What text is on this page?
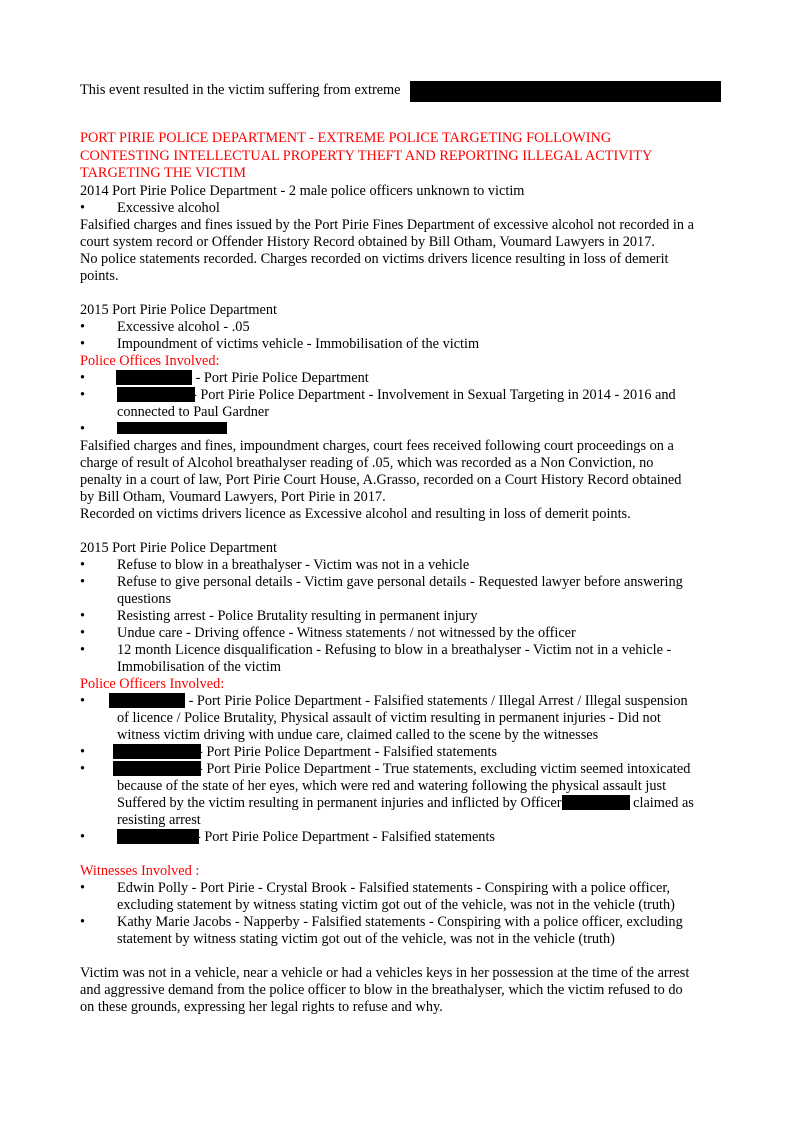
This event resulted in the victim suffering from extreme
PORT PIRIE POLICE DEPARTMENT - EXTREME POLICE TARGETING FOLLOWING
CONTESTING INTELLECTUAL PROPERTY THEFT AND REPORTING ILLEGAL ACTIVITY
TARGETING THE VICTIM
2014 Port Pirie Police Department - 2 male police officers unknown to victim
• Excessive alcohol
Falsified charges and fines issued by the Port Pirie Fines Department of excessive alcohol not recorded in a
court system record or Offender History Record obtained by Bill Otham, Voumard Lawyers in 2017.
No police statements recorded. Charges recorded on victims drivers licence resulting in loss of demerit
points.
2015 Port Pirie Police Department
• Excessive alcohol - .05
• Impoundment of victims vehicle - Immobilisation of the victim
Police Offices Involved:
• - Port Pirie Police Department
• - Port Pirie Police Department - Involvement in Sexual Targeting in 2014 - 2016 and
connected to Paul Gardner
•
Falsified charges and fines, impoundment charges, court fees received following court proceedings on a
charge of result of Alcohol breathalyser reading of .05, which was recorded as a Non Conviction, no
penalty in a court of law, Port Pirie Court House, A.Grasso, recorded on a Court History Record obtained
by Bill Otham, Voumard Lawyers, Port Pirie in 2017.
Recorded on victims drivers licence as Excessive alcohol and resulting in loss of demerit points.
2015 Port Pirie Police Department
• Refuse to blow in a breathalyser - Victim was not in a vehicle
• Refuse to give personal details - Victim gave personal details - Requested lawyer before answering
questions
• Resisting arrest - Police Brutality resulting in permanent injury
• Undue care - Driving offence - Witness statements / not witnessed by the officer
• 12 month Licence disqualification - Refusing to blow in a breathalyser - Victim not in a vehicle -
Immobilisation of the victim
Police Officers Involved:
• - Port Pirie Police Department - Falsified statements / Illegal Arrest / Illegal suspension
of licence / Police Brutality, Physical assault of victim resulting in permanent injuries - Did not
witness victim driving with undue care, claimed called to the scene by the witnesses
• - Port Pirie Police Department - Falsified statements
• - Port Pirie Police Department - True statements, excluding victim seemed intoxicated
because of the state of her eyes, which were red and watering following the physical assault just
Suffered by the victim resulting in permanent injuries and inflicted by Officer	claimed as
resisting arrest
• - Port Pirie Police Department - Falsified statements
Witnesses Involved :
• Edwin Polly - Port Pirie - Crystal Brook - Falsified statements - Conspiring with a police officer,
excluding statement by witness stating victim got out of the vehicle, was not in the vehicle (truth)
• Kathy Marie Jacobs - Napperby - Falsified statements - Conspiring with a police officer, excluding
statement by witness stating victim got out of the vehicle, was not in the vehicle (truth)
Victim was not in a vehicle, near a vehicle or had a vehicles keys in her possession at the time of the arrest
and aggressive demand from the police officer to blow in the breathalyser, which the victim refused to do
on these grounds, expressing her legal rights to refuse and why.
